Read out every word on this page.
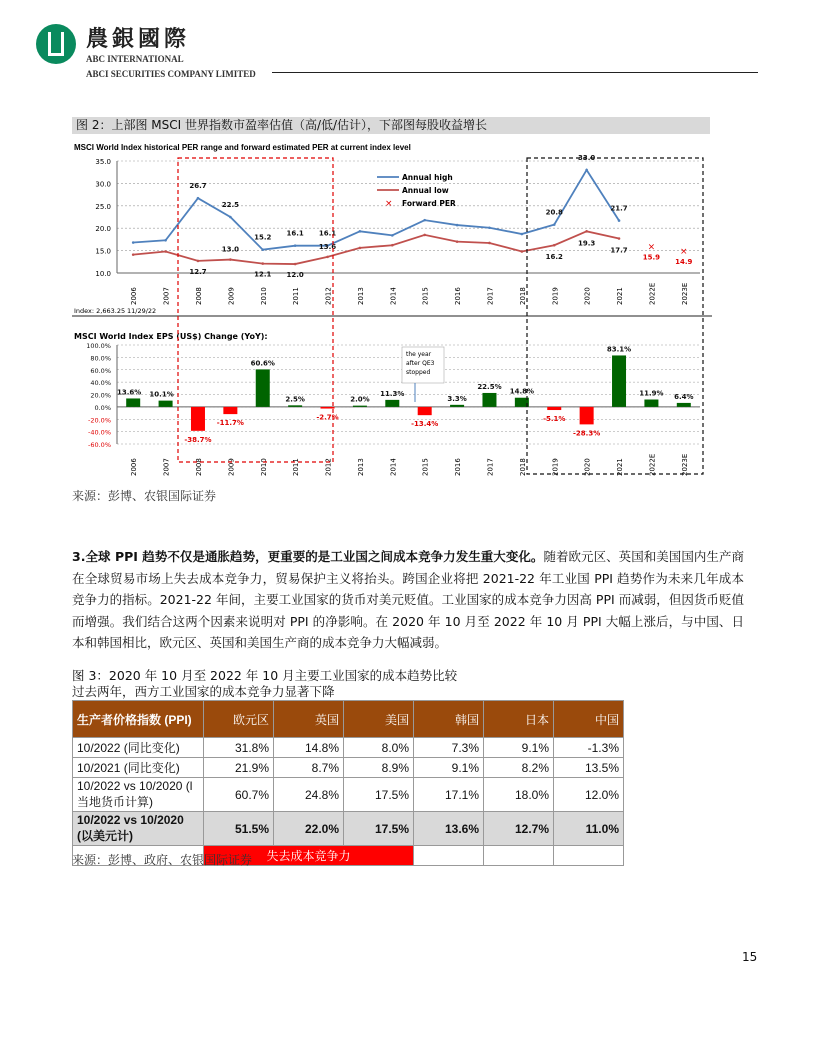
農銀國際
ABC INTERNATIONAL
ABCI SECURITIES COMPANY LIMITED
图 2：上部图 MSCI 世界指数市盈率估值（高/低/估计），下部图每股收益增长
MSCI World Index historical PER range and forward estimated PER at current index level
10.0
15.0
20.0
25.0
30.0
35.0
2006	2007	2008	2009	2010	2011	2012	2013	2014	2015	2016	2017	2018	2019	2020	2021	2022E	2023E
26.7
22.5
15.2
16.1 16.1
20.8
33.0
21.7
12.7
13.0
12.1 12.0
13.6
16.2
19.3
17.7 ×	×
15.9
14.9
Annual high
Annual low
× Forward PER
Index: 2,663.25 11/29/22
MSCI World Index EPS (US$) Change (YoY):
-60.0%
-40.0%
-20.0%
0.0%
20.0%
40.0%
60.0%
80.0%
100.0%
13.6% 10.1%
-38.7%
-11.7%
60.6%
2.5%
-2.7%
2.0%
11.3%
-13.4%
3.3%
22.5%
14.8%
-5.1%
-28.3%
83.1%
11.9% 6.4%
2006	2007	2008	2009	2010	2011	2012	2013	2014	2015	2016	2017	2018	2019	2020	2021	2022E	2023E
the year
after QE3
stopped
来源：彭博、农银国际证券
3.全球 PPI 趋势不仅是通胀趋势，更重要的是工业国之间成本竞争力发生重大变化。随着欧元区、英国和美国国内生产商在全球贸易市场上失去成本竞争力，贸易保护主义将抬头。跨国企业将把 2021-22 年工业国 PPI 趋势作为未来几年成本竞争力的指标。2021-22 年间，主要工业国家的货币对美元贬值。工业国家的成本竞争力因高 PPI 而减弱，但因货币贬值而增强。我们结合这两个因素来说明对 PPI 的净影响。在 2020 年 10 月至 2022 年 10 月 PPI 大幅上涨后，与中国、日本和韩国相比，欧元区、英国和美国生产商的成本竞争力大幅减弱。
图 3：2020 年 10 月至 2022 年 10 月主要工业国家的成本趋势比较
过去两年，西方工业国家的成本竞争力显著下降
生产者价格指数 (PPI)	欧元区	英国	美国	韩国	日本	中国
10/2022 (同比变化)	31.8%	14.8%	8.0%	7.3%	9.1%	-1.3%
10/2021 (同比变化)	21.9%	8.7%	8.9%	9.1%	8.2%	13.5%
10/2022 vs 10/2020 (l 当地货币计算)	60.7%	24.8%	17.5%	17.1%	18.0%	12.0%
10/2022 vs 10/2020 (以美元计)	51.5%	22.0%	17.5%	13.6%	12.7%	11.0%
	失去成本竞争力					
来源：彭博、政府、农银国际证券
15
